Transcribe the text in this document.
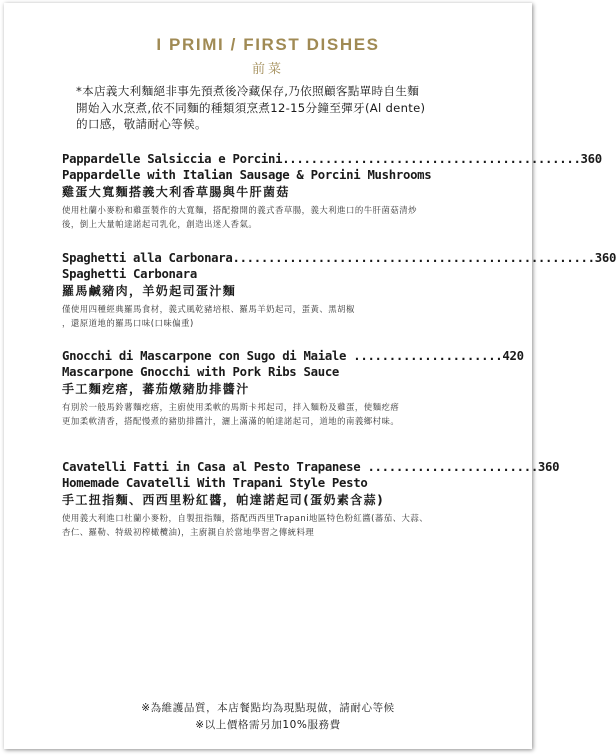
I PRIMI / FIRST DISHES
前菜
*本店義大利麵絕非事先預煮後冷藏保存,乃依照顧客點單時自生麵
開始入水烹煮,依不同麵的種類須烹煮12-15分鐘至彈牙(Al dente)
的口感，敬請耐心等候。
Pappardelle Salsiccia e Porcini..........................................360
Pappardelle with Italian Sausage & Porcini Mushrooms
雞蛋大寬麵搭義大利香草腸與牛肝菌菇
使用杜蘭小麥粉和雞蛋製作的大寬麵，搭配撥開的義式香草腸，義大利進口的牛肝菌菇清炒
後，倒上大量帕達諾起司乳化，創造出迷人香氣。
Spaghetti alla Carbonara...................................................360
Spaghetti Carbonara
羅馬鹹豬肉，羊奶起司蛋汁麵
僅使用四種經典羅馬食材，義式風乾豬培根、羅馬羊奶起司，蛋黃、黑胡椒
，還原道地的羅馬口味(口味偏重)
Gnocchi di Mascarpone con Sugo di Maiale .....................420
Mascarpone Gnocchi with Pork Ribs Sauce
手工麵疙瘩，蕃茄燉豬肋排醬汁
有別於一般馬鈴薯麵疙瘩，主廚使用柔軟的馬斯卡邦起司，拌入麵粉及雞蛋，使麵疙瘩
更加柔軟清香，搭配慢煮的豬肋排醬汁，灑上滿滿的帕達諾起司，道地的南義鄉村味。
Cavatelli Fatti in Casa al Pesto Trapanese ........................360
Homemade Cavatelli With Trapani Style Pesto
手工扭指麵、西西里粉紅醬，帕達諾起司(蛋奶素含蒜)
使用義大利進口杜蘭小麥粉，自製扭指麵，搭配西西里Trapani地區特色粉紅醬(蕃茄、大蒜、
杏仁、羅勒、特級初榨橄欖油)，主廚親自於當地學習之傳統料理
※為維護品質，本店餐點均為現點現做，請耐心等候
※以上價格需另加10%服務費
